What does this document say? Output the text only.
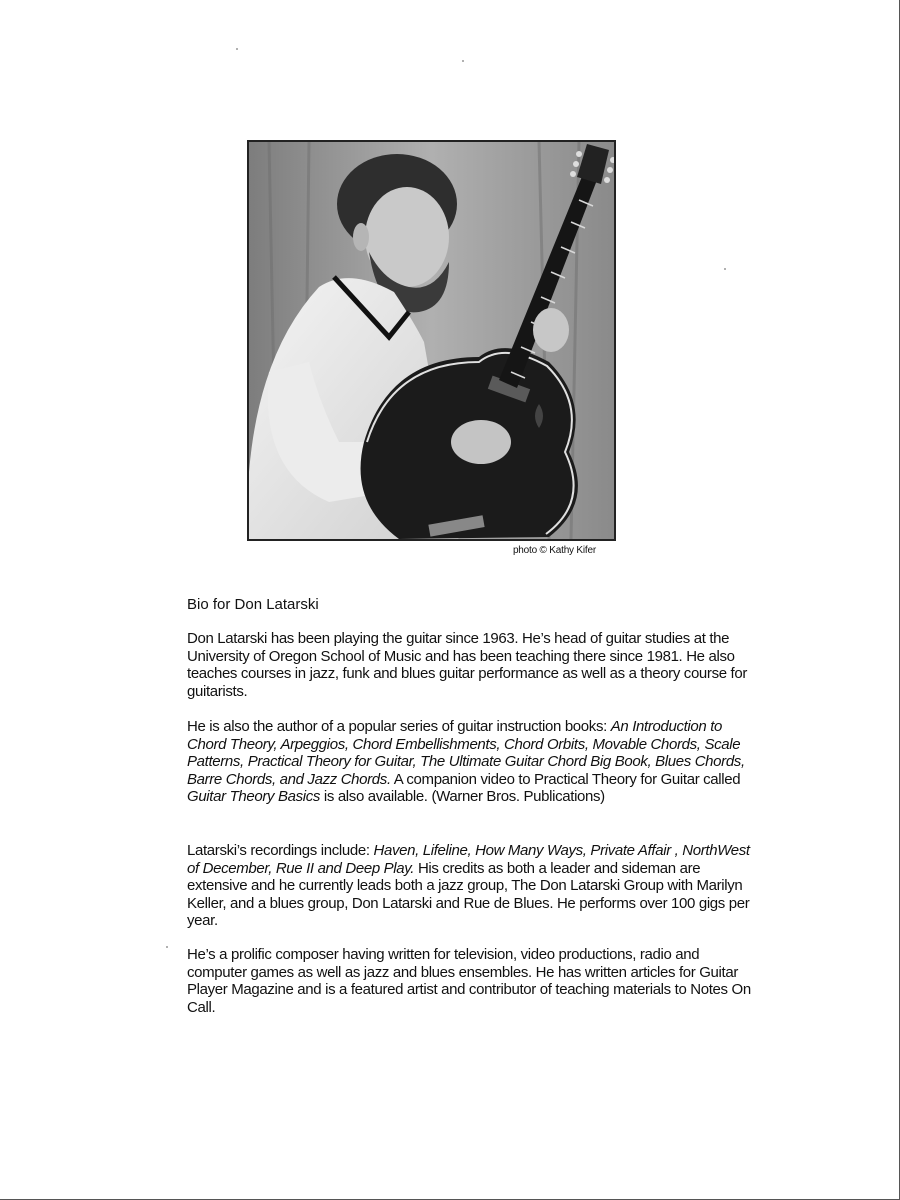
photo © Kathy Kifer
Bio for Don Latarski

Don Latarski has been playing the guitar since 1963. He’s head of guitar studies at the University of Oregon School of Music and has been teaching there since 1981. He also teaches courses in jazz, funk and blues guitar performance as well as a theory course for guitarists.

He is also the author of a popular series of guitar instruction books: An Introduction to Chord Theory, Arpeggios, Chord Embellishments, Chord Orbits, Movable Chords, Scale Patterns, Practical Theory for Guitar, The Ultimate Guitar Chord Big Book, Blues Chords, Barre Chords, and Jazz Chords. A companion video to Practical Theory for Guitar called Guitar Theory Basics is also available. (Warner Bros. Publications)

Latarski’s recordings include: Haven, Lifeline, How Many Ways, Private Affair , NorthWest of December, Rue II and Deep Play. His credits as both a leader and sideman are extensive and he currently leads both a jazz group, The Don Latarski Group with Marilyn Keller, and a blues group, Don Latarski and Rue de Blues. He performs over 100 gigs per year.

He’s a prolific composer having written for television, video productions, radio and computer games as well as jazz and blues ensembles. He has written articles for Guitar Player Magazine and is a featured artist and contributor of teaching materials to Notes On Call.
